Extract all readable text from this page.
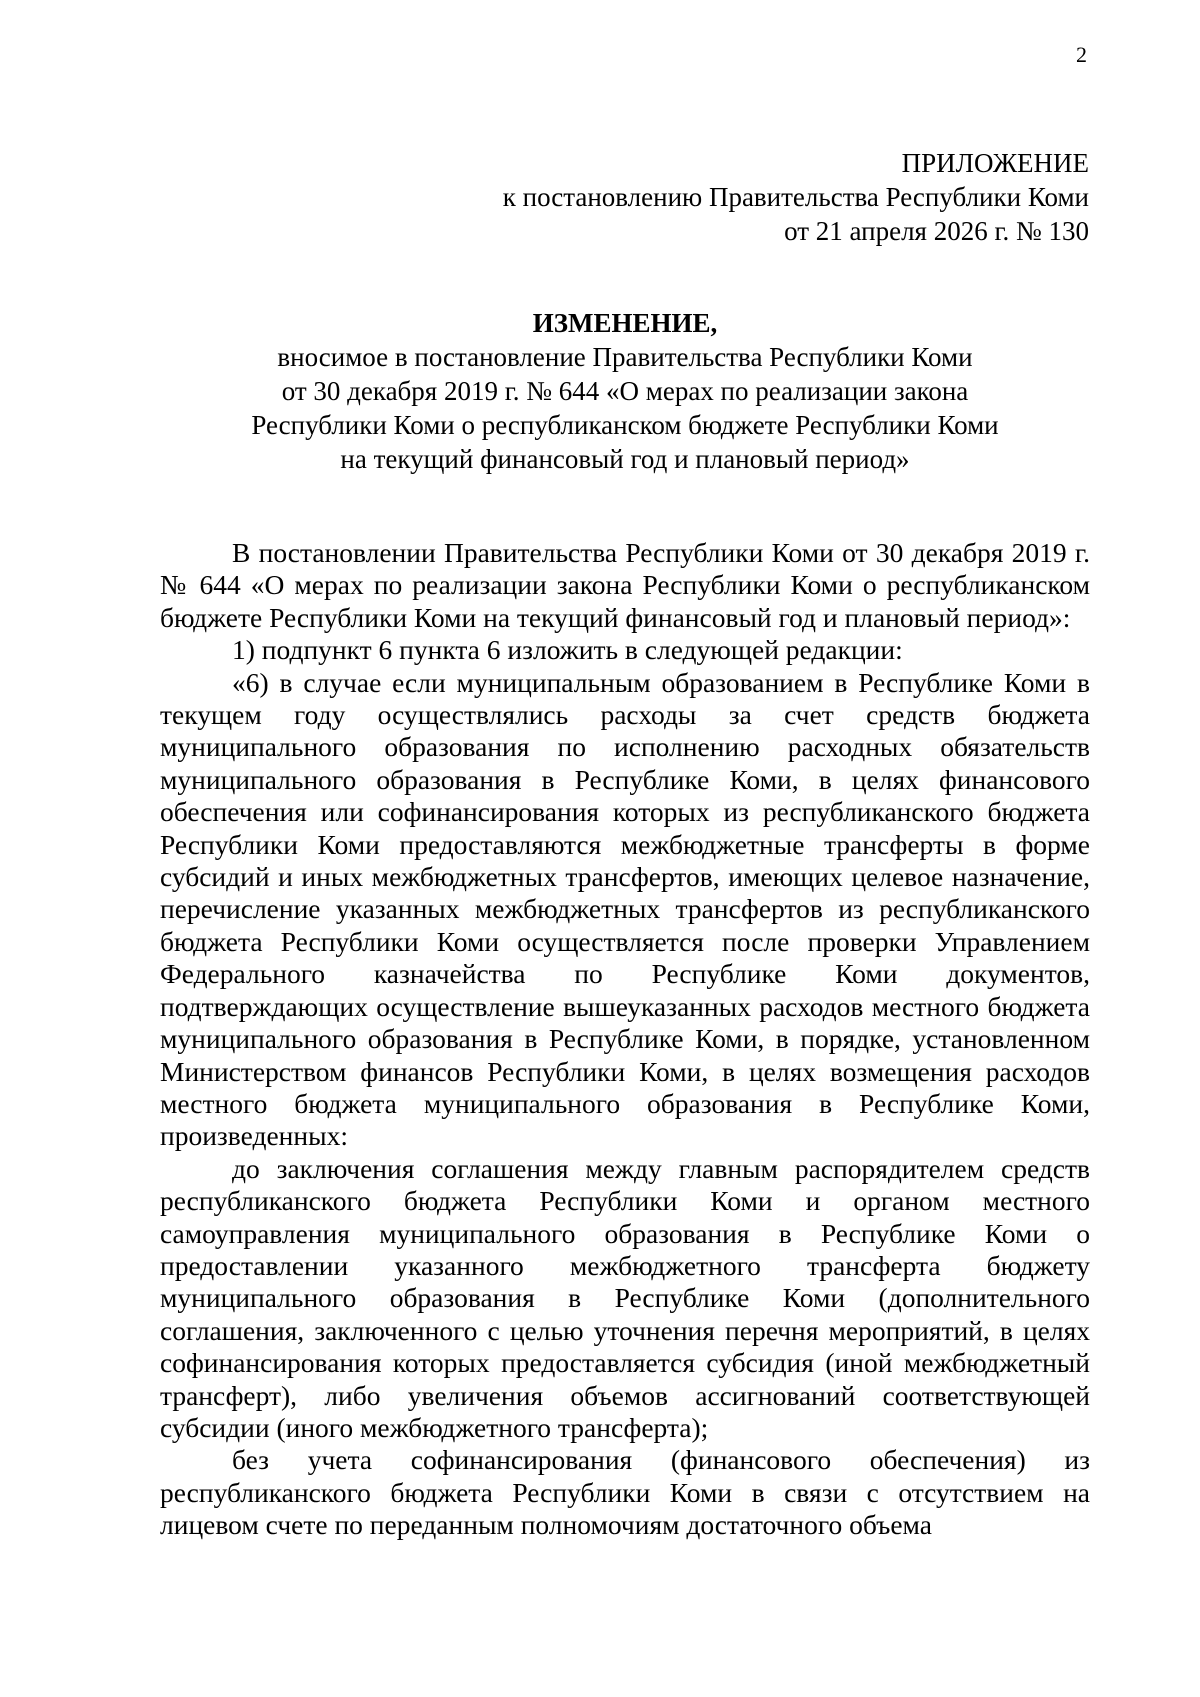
2
ПРИЛОЖЕНИЕ
к постановлению Правительства Республики Коми
от 21 апреля 2026 г. № 130
ИЗМЕНЕНИЕ,
вносимое в постановление Правительства Республики Коми
от 30 декабря 2019 г. № 644 «О мерах по реализации закона
Республики Коми о республиканском бюджете Республики Коми
на текущий финансовый год и плановый период»

В постановлении Правительства Республики Коми от 30 декабря 2019 г. № 644 «О мерах по реализации закона Республики Коми о республиканском бюджете Республики Коми на текущий финансовый год и плановый период»:

1) подпункт 6 пункта 6 изложить в следующей редакции:

«6) в случае если муниципальным образованием в Республике Коми в текущем году осуществлялись расходы за счет средств бюджета муниципального образования по исполнению расходных обязательств муниципального образования в Республике Коми, в целях финансового обеспечения или софинансирования которых из республиканского бюджета Республики Коми предоставляются межбюджетные трансферты в форме субсидий и иных межбюджетных трансфертов, имеющих целевое назначение, перечисление указанных межбюджетных трансфертов из республиканского бюджета Республики Коми осуществляется после проверки Управлением Федерального казначейства по Республике Коми документов, подтверждающих осуществление вышеуказанных расходов местного бюджета муниципального образования в Республике Коми, в порядке, установленном Министерством финансов Республики Коми, в целях возмещения расходов местного бюджета муниципального образования в Республике Коми, произведенных:

до заключения соглашения между главным распорядителем средств республиканского бюджета Республики Коми и органом местного самоуправления муниципального образования в Республике Коми о предоставлении указанного межбюджетного трансферта бюджету муниципального образования в Республике Коми (дополнительного соглашения, заключенного с целью уточнения перечня мероприятий, в целях софинансирования которых предоставляется субсидия (иной межбюджетный трансферт), либо увеличения объемов ассигнований соответствующей субсидии (иного межбюджетного трансферта);

без учета софинансирования (финансового обеспечения) из республиканского бюджета Республики Коми в связи с отсутствием на лицевом счете по переданным полномочиям достаточного объема
